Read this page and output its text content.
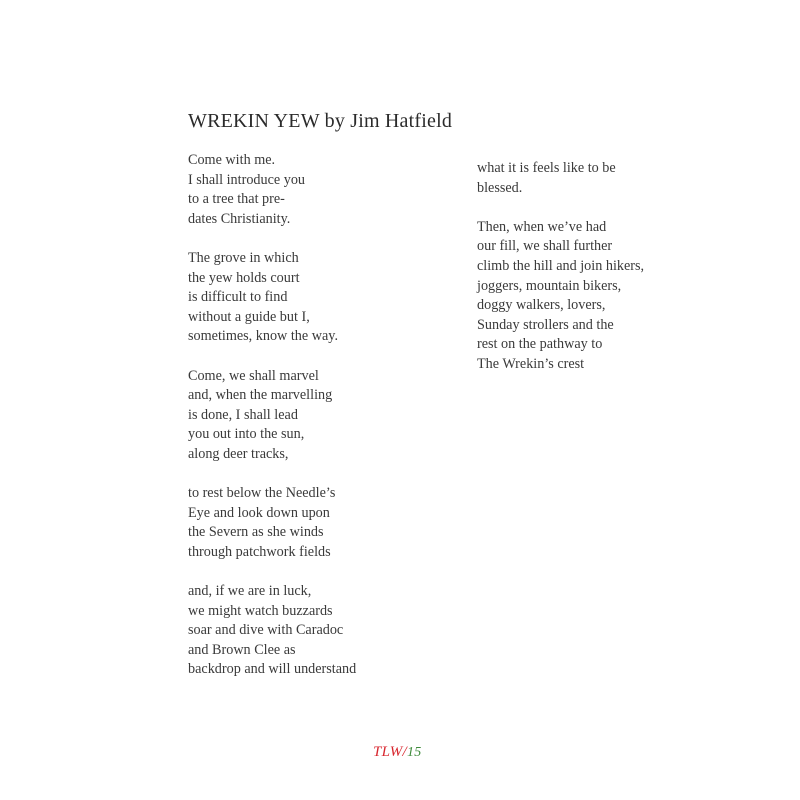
WREKIN YEW by Jim Hatfield
Come with me.
I shall introduce you
to a tree that pre-
dates Christianity.
The grove in which
the yew holds court
is difficult to find
without a guide but I,
sometimes, know the way.
Come, we shall marvel
and, when the marvelling
is done, I shall lead
you out into the sun,
along deer tracks,
to rest below the Needle’s
Eye and look down upon
the Severn as she winds
through patchwork fields
and, if we are in luck,
we might watch buzzards
soar and dive with Caradoc
and Brown Clee as
backdrop and will understand
what it is feels like to be
blessed.
Then, when we’ve had
our fill, we shall further
climb the hill and join hikers,
joggers, mountain bikers,
doggy walkers, lovers,
Sunday strollers and the
rest on the pathway to
The Wrekin’s crest
TLW/15
